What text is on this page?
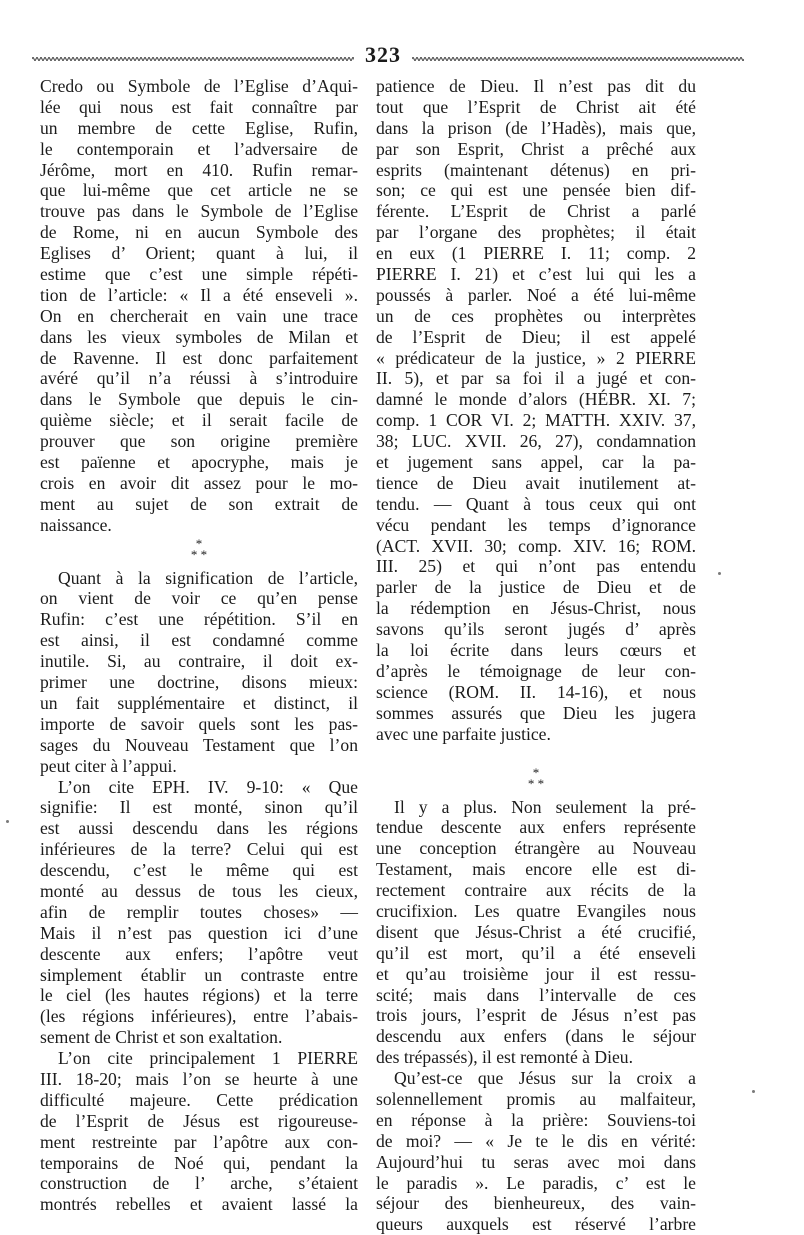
323
Credo ou Symbole de l’Eglise d’Aqui-
lée qui nous est fait connaître par
un membre de cette Eglise, Rufin,
le contemporain et l’adversaire de
Jérôme, mort en 410. Rufin remar-
que lui-même que cet article ne se
trouve pas dans le Symbole de l’Eglise
de Rome, ni en aucun Symbole des
Eglises d’ Orient; quant à lui, il
estime que c’est une simple répéti-
tion de l’article: « Il a été enseveli ».
On en chercherait en vain une trace
dans les vieux symboles de Milan et
de Ravenne. Il est donc parfaitement
avéré qu’il n’a réussi à s’introduire
dans le Symbole que depuis le cin-
quième siècle; et il serait facile de
prouver que son origine première
est païenne et apocryphe, mais je
crois en avoir dit assez pour le mo-
ment au sujet de son extrait de
naissance.
*
* *
Quant à la signification de l’article,
on vient de voir ce qu’en pense
Rufin: c’est une répétition. S’il en
est ainsi, il est condamné comme
inutile. Si, au contraire, il doit ex-
primer une doctrine, disons mieux:
un fait supplémentaire et distinct, il
importe de savoir quels sont les pas-
sages du Nouveau Testament que l’on
peut citer à l’appui.
L’on cite EPH. IV. 9-10: « Que
signifie: Il est monté, sinon qu’il
est aussi descendu dans les régions
inférieures de la terre? Celui qui est
descendu, c’est le même qui est
monté au dessus de tous les cieux,
afin de remplir toutes choses» —
Mais il n’est pas question ici d’une
descente aux enfers; l’apôtre veut
simplement établir un contraste entre
le ciel (les hautes régions) et la terre
(les régions inférieures), entre l’abais-
sement de Christ et son exaltation.
L’on cite principalement 1 PIERRE
III. 18-20; mais l’on se heurte à une
difficulté majeure. Cette prédication
de l’Esprit de Jésus est rigoureuse-
ment restreinte par l’apôtre aux con-
temporains de Noé qui, pendant la
construction de l’ arche, s’étaient
montrés rebelles et avaient lassé la
patience de Dieu. Il n’est pas dit du
tout que l’Esprit de Christ ait été
dans la prison (de l’Hadès), mais que,
par son Esprit, Christ a prêché aux
esprits (maintenant détenus) en pri-
son; ce qui est une pensée bien dif-
férente. L’Esprit de Christ a parlé
par l’organe des prophètes; il était
en eux (1 PIERRE I. 11; comp. 2
PIERRE I. 21) et c’est lui qui les a
poussés à parler. Noé a été lui-même
un de ces prophètes ou interprètes
de l’Esprit de Dieu; il est appelé
« prédicateur de la justice, » 2 PIERRE
II. 5), et par sa foi il a jugé et con-
damné le monde d’alors (HÉBR. XI. 7;
comp. 1 COR VI. 2; MATTH. XXIV. 37,
38; LUC. XVII. 26, 27), condamnation
et jugement sans appel, car la pa-
tience de Dieu avait inutilement at-
tendu. — Quant à tous ceux qui ont
vécu pendant les temps d’ignorance
(ACT. XVII. 30; comp. XIV. 16; ROM.
III. 25) et qui n’ont pas entendu
parler de la justice de Dieu et de
la rédemption en Jésus-Christ, nous
savons qu’ils seront jugés d’ après
la loi écrite dans leurs cœurs et
d’après le témoignage de leur con-
science (ROM. II. 14-16), et nous
sommes assurés que Dieu les jugera
avec une parfaite justice.
*
* *
Il y a plus. Non seulement la pré-
tendue descente aux enfers représente
une conception étrangère au Nouveau
Testament, mais encore elle est di-
rectement contraire aux récits de la
crucifixion. Les quatre Evangiles nous
disent que Jésus-Christ a été crucifié,
qu’il est mort, qu’il a été enseveli
et qu’au troisième jour il est ressu-
scité; mais dans l’intervalle de ces
trois jours, l’esprit de Jésus n’est pas
descendu aux enfers (dans le séjour
des trépassés), il est remonté à Dieu.
Qu’est-ce que Jésus sur la croix a
solennellement promis au malfaiteur,
en réponse à la prière: Souviens-toi
de moi? — « Je te le dis en vérité:
Aujourd’hui tu seras avec moi dans
le paradis ». Le paradis, c’ est le
séjour des bienheureux, des vain-
queurs auxquels est réservé l’arbre
